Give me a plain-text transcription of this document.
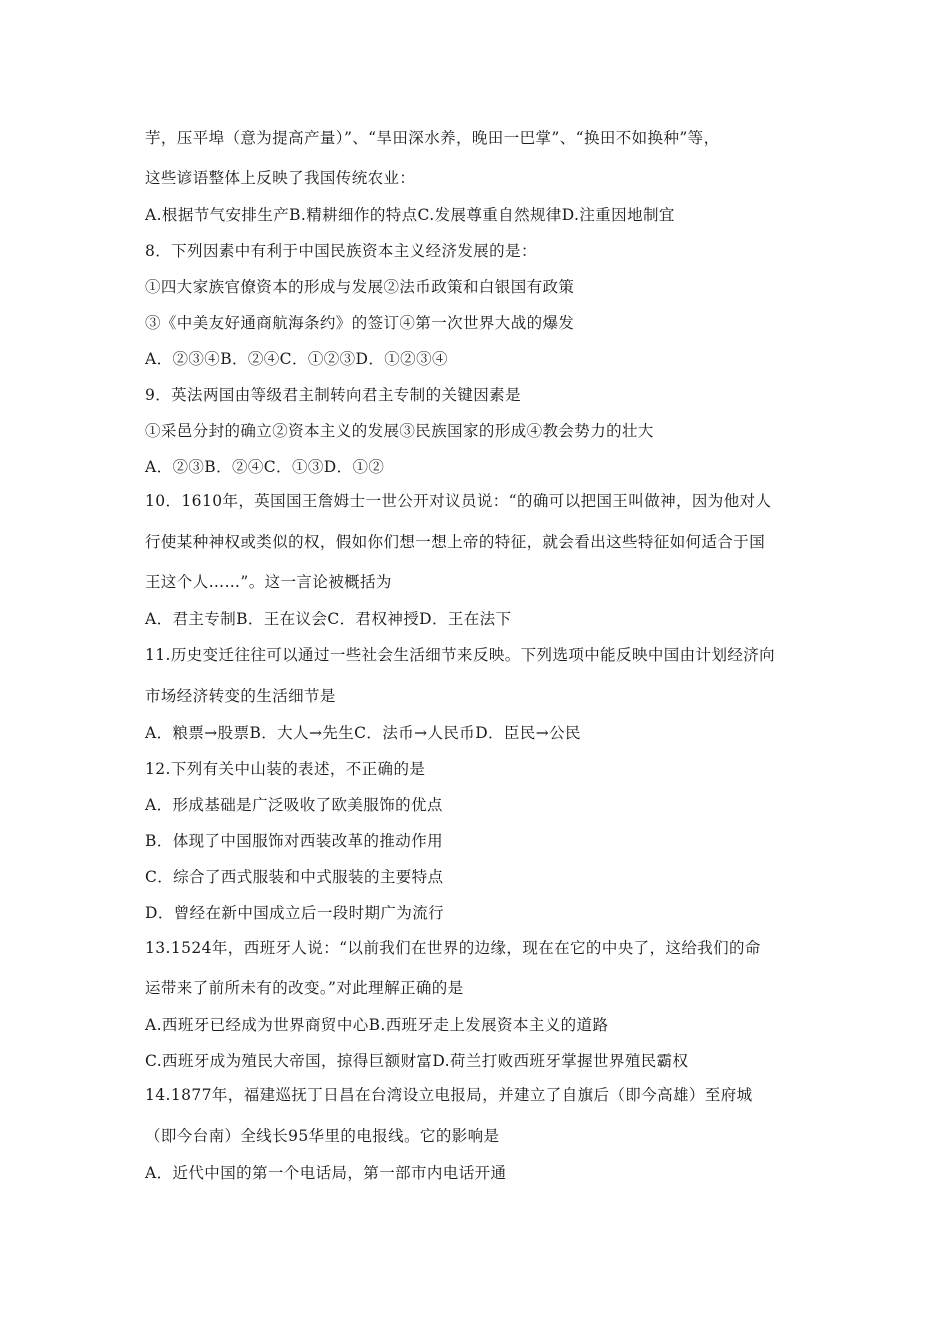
芋，压平埠（意为提高产量）”、“旱田深水养，晚田一巴掌”、“换田不如换种”等，
这些谚语整体上反映了我国传统农业：
A.根据节气安排生产B.精耕细作的特点C.发展尊重自然规律D.注重因地制宜
8．下列因素中有利于中国民族资本主义经济发展的是：
①四大家族官僚资本的形成与发展②法币政策和白银国有政策
③《中美友好通商航海条约》的签订④第一次世界大战的爆发
A．②③④B．②④C．①②③D．①②③④
9．英法两国由等级君主制转向君主专制的关键因素是
①采邑分封的确立②资本主义的发展③民族国家的形成④教会势力的壮大
A．②③B．②④C．①③D．①②
10．1610年，英国国王詹姆士一世公开对议员说：“的确可以把国王叫做神，因为他对人
行使某种神权或类似的权，假如你们想一想上帝的特征，就会看出这些特征如何适合于国
王这个人……”。这一言论被概括为
A．君主专制B．王在议会C．君权神授D．王在法下
11.历史变迁往往可以通过一些社会生活细节来反映。下列选项中能反映中国由计划经济向
市场经济转变的生活细节是
A．粮票→股票B．大人→先生C．法币→人民币D．臣民→公民
12.下列有关中山装的表述，不正确的是
A．形成基础是广泛吸收了欧美服饰的优点
B．体现了中国服饰对西装改革的推动作用
C．综合了西式服装和中式服装的主要特点
D．曾经在新中国成立后一段时期广为流行
13.1524年，西班牙人说：“以前我们在世界的边缘，现在在它的中央了，这给我们的命
运带来了前所未有的改变。”对此理解正确的是
A.西班牙已经成为世界商贸中心B.西班牙走上发展资本主义的道路
C.西班牙成为殖民大帝国，掠得巨额财富D.荷兰打败西班牙掌握世界殖民霸权
14.1877年，福建巡抚丁日昌在台湾设立电报局，并建立了自旗后（即今高雄）至府城
（即今台南）全线长95华里的电报线。它的影响是
A．近代中国的第一个电话局，第一部市内电话开通
